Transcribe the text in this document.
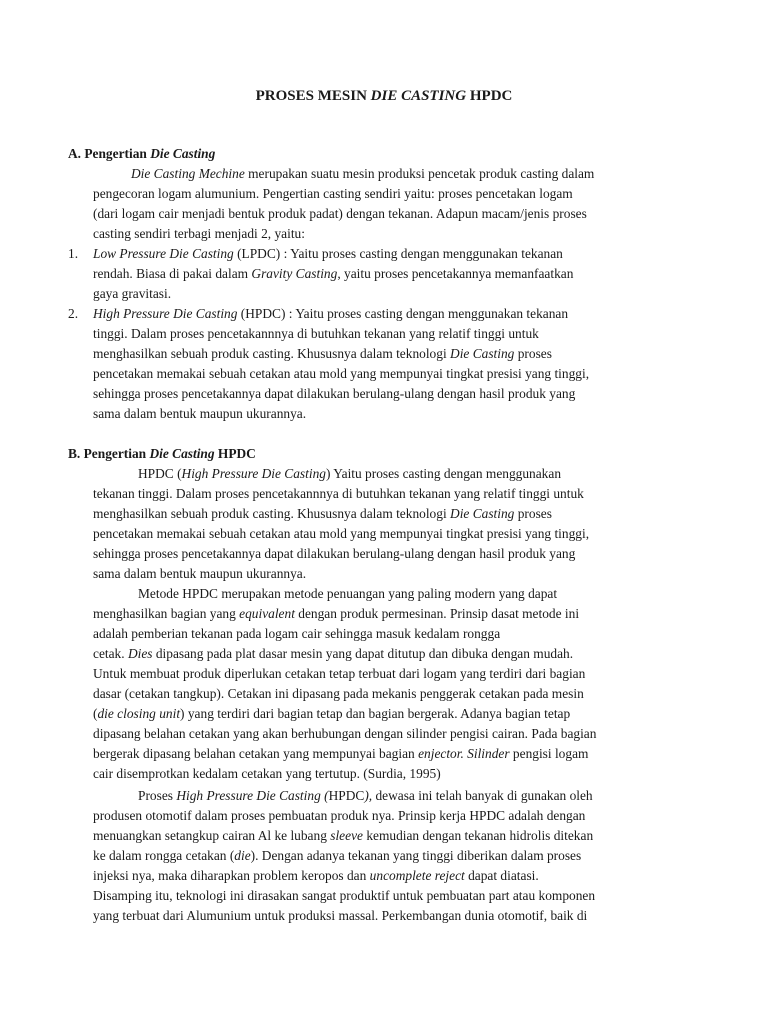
PROSES MESIN DIE CASTING HPDC
A. Pengertian Die Casting
Die Casting Mechine merupakan suatu mesin produksi pencetak produk casting dalam
pengecoran logam alumunium. Pengertian casting sendiri yaitu: proses pencetakan logam
(dari logam cair menjadi bentuk produk padat) dengan tekanan. Adapun macam/jenis proses
casting sendiri terbagi menjadi 2, yaitu:
1. Low Pressure Die Casting (LPDC) : Yaitu proses casting dengan menggunakan tekanan
rendah. Biasa di pakai dalam Gravity Casting, yaitu proses pencetakannya memanfaatkan
gaya gravitasi.
2. High Pressure Die Casting (HPDC) : Yaitu proses casting dengan menggunakan tekanan
tinggi. Dalam proses pencetakannnya di butuhkan tekanan yang relatif tinggi untuk
menghasilkan sebuah produk casting. Khususnya dalam teknologi Die Casting proses
pencetakan memakai sebuah cetakan atau mold yang mempunyai tingkat presisi yang tinggi,
sehingga proses pencetakannya dapat dilakukan berulang-ulang dengan hasil produk yang
sama dalam bentuk maupun ukurannya.
B. Pengertian Die Casting HPDC
HPDC (High Pressure Die Casting) Yaitu proses casting dengan menggunakan
tekanan tinggi. Dalam proses pencetakannnya di butuhkan tekanan yang relatif tinggi untuk
menghasilkan sebuah produk casting. Khususnya dalam teknologi Die Casting proses
pencetakan memakai sebuah cetakan atau mold yang mempunyai tingkat presisi yang tinggi,
sehingga proses pencetakannya dapat dilakukan berulang-ulang dengan hasil produk yang
sama dalam bentuk maupun ukurannya.
Metode HPDC merupakan metode penuangan yang paling modern yang dapat
menghasilkan bagian yang equivalent dengan produk permesinan. Prinsip dasat metode ini
adalah pemberian tekanan pada logam cair sehingga masuk kedalam rongga
cetak. Dies dipasang pada plat dasar mesin yang dapat ditutup dan dibuka dengan mudah.
Untuk membuat produk diperlukan cetakan tetap terbuat dari logam yang terdiri dari bagian
dasar (cetakan tangkup). Cetakan ini dipasang pada mekanis penggerak cetakan pada mesin
(die closing unit) yang terdiri dari bagian tetap dan bagian bergerak. Adanya bagian tetap
dipasang belahan cetakan yang akan berhubungan dengan silinder pengisi cairan. Pada bagian
bergerak dipasang belahan cetakan yang mempunyai bagian enjector. Silinder pengisi logam
cair disemprotkan kedalam cetakan yang tertutup. (Surdia, 1995)
Proses High Pressure Die Casting (HPDC), dewasa ini telah banyak di gunakan oleh
produsen otomotif dalam proses pembuatan produk nya. Prinsip kerja HPDC adalah dengan
menuangkan setangkup cairan Al ke lubang sleeve kemudian dengan tekanan hidrolis ditekan
ke dalam rongga cetakan (die). Dengan adanya tekanan yang tinggi diberikan dalam proses
injeksi nya, maka diharapkan problem keropos dan uncomplete reject dapat diatasi.
Disamping itu, teknologi ini dirasakan sangat produktif untuk pembuatan part atau komponen
yang terbuat dari Alumunium untuk produksi massal. Perkembangan dunia otomotif, baik di
